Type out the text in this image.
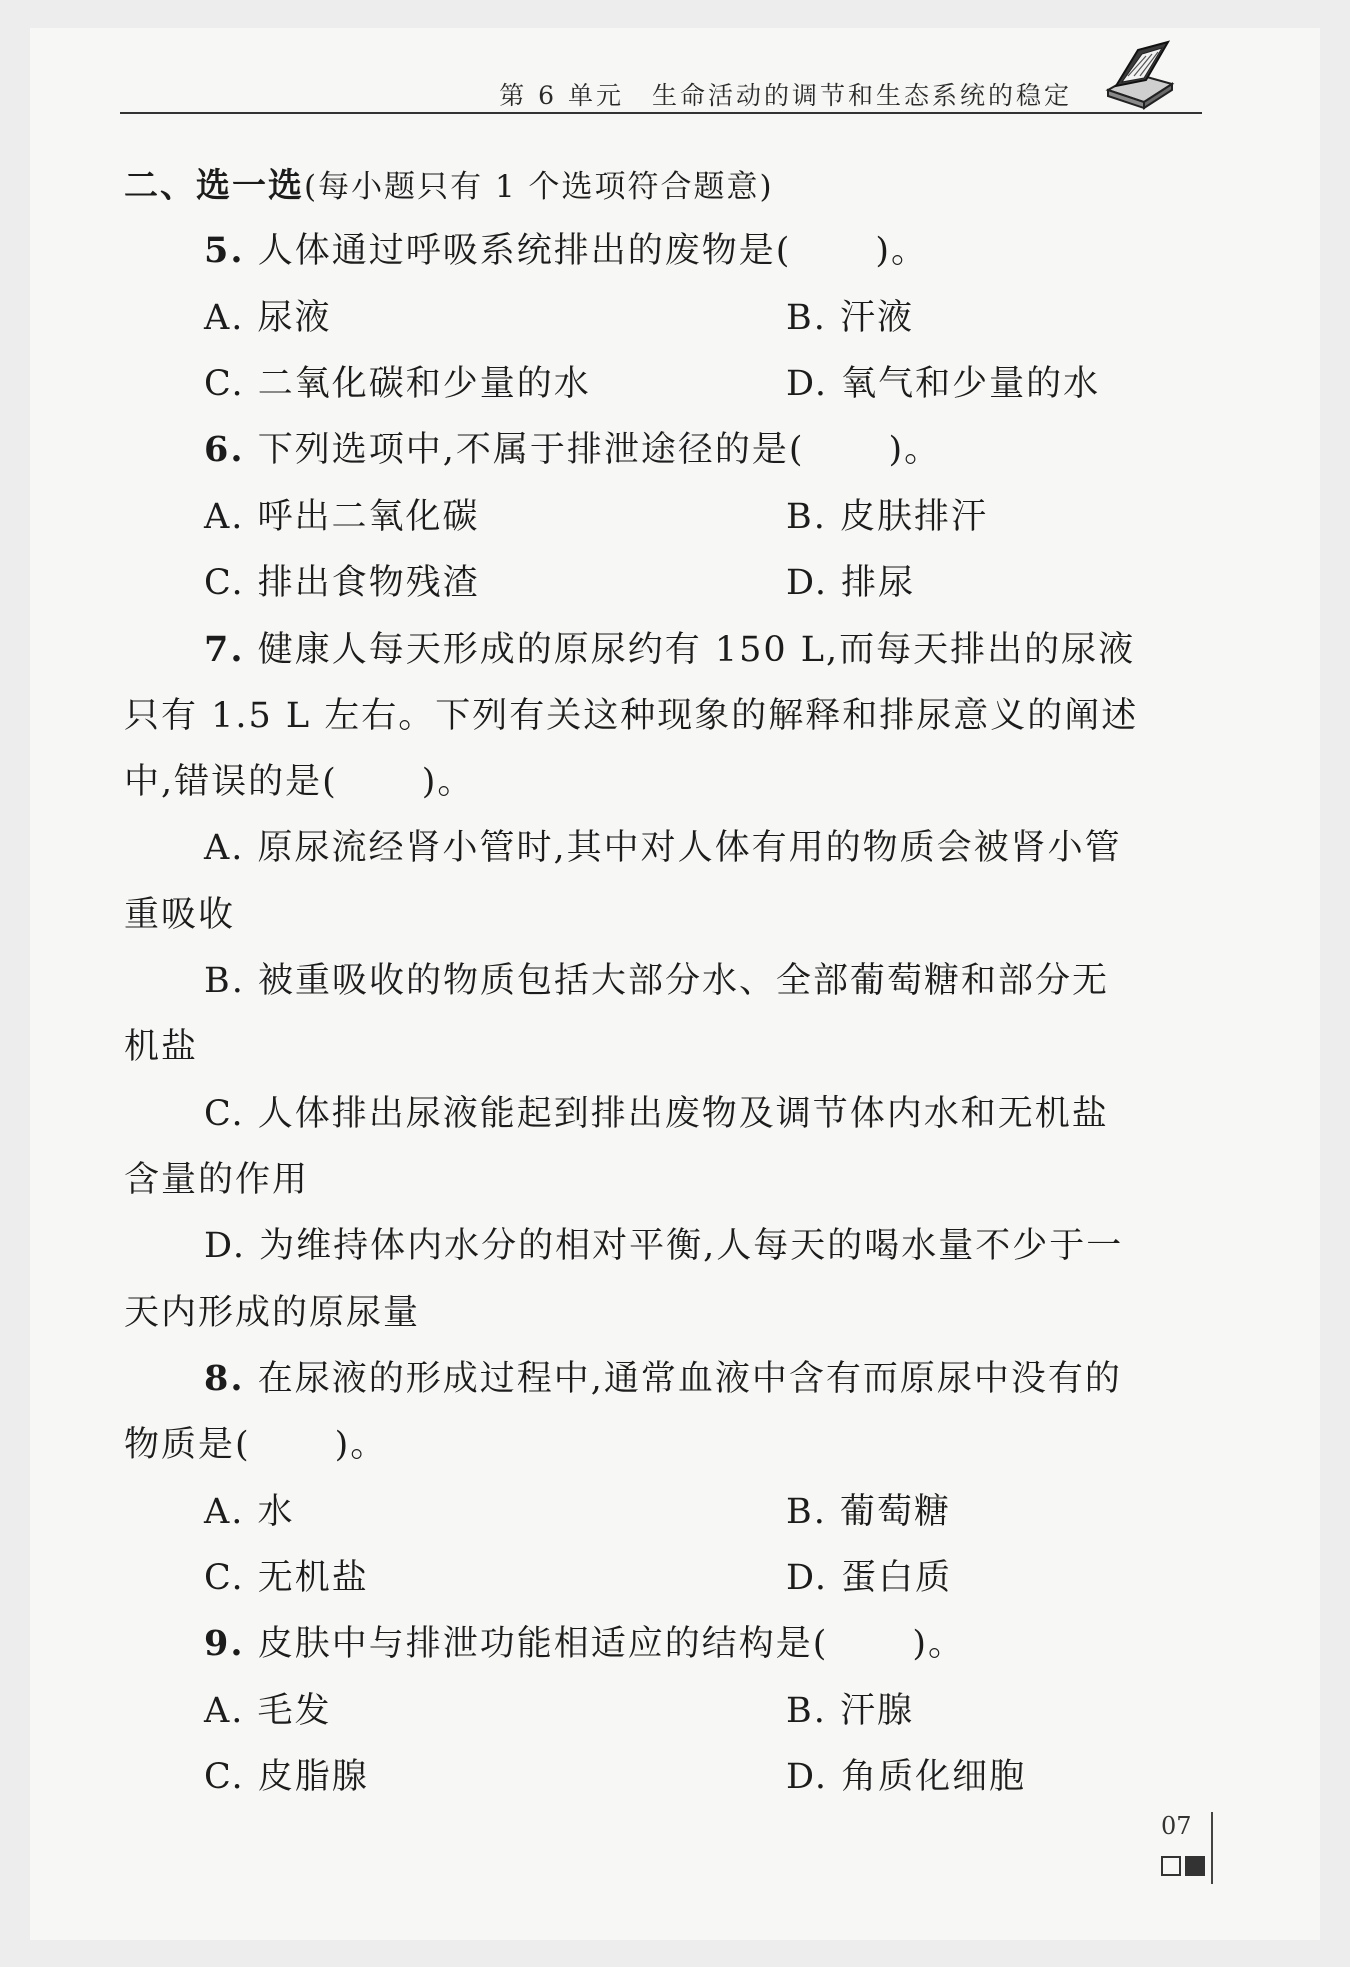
第 6 单元　生命活动的调节和生态系统的稳定
二、选一选(每小题只有 1 个选项符合题意)
5. 人体通过呼吸系统排出的废物是( )。
A. 尿液	B. 汗液
C. 二氧化碳和少量的水	D. 氧气和少量的水
6. 下列选项中,不属于排泄途径的是( )。
A. 呼出二氧化碳	B. 皮肤排汗
C. 排出食物残渣	D. 排尿
7. 健康人每天形成的原尿约有 150 L,而每天排出的尿液
只有 1.5 L 左右。下列有关这种现象的解释和排尿意义的阐述
中,错误的是( )。
A. 原尿流经肾小管时,其中对人体有用的物质会被肾小管
重吸收
B. 被重吸收的物质包括大部分水、全部葡萄糖和部分无
机盐
C. 人体排出尿液能起到排出废物及调节体内水和无机盐
含量的作用
D. 为维持体内水分的相对平衡,人每天的喝水量不少于一
天内形成的原尿量
8. 在尿液的形成过程中,通常血液中含有而原尿中没有的
物质是( )。
A. 水	B. 葡萄糖
C. 无机盐	D. 蛋白质
9. 皮肤中与排泄功能相适应的结构是( )。
A. 毛发	B. 汗腺
C. 皮脂腺	D. 角质化细胞
07
